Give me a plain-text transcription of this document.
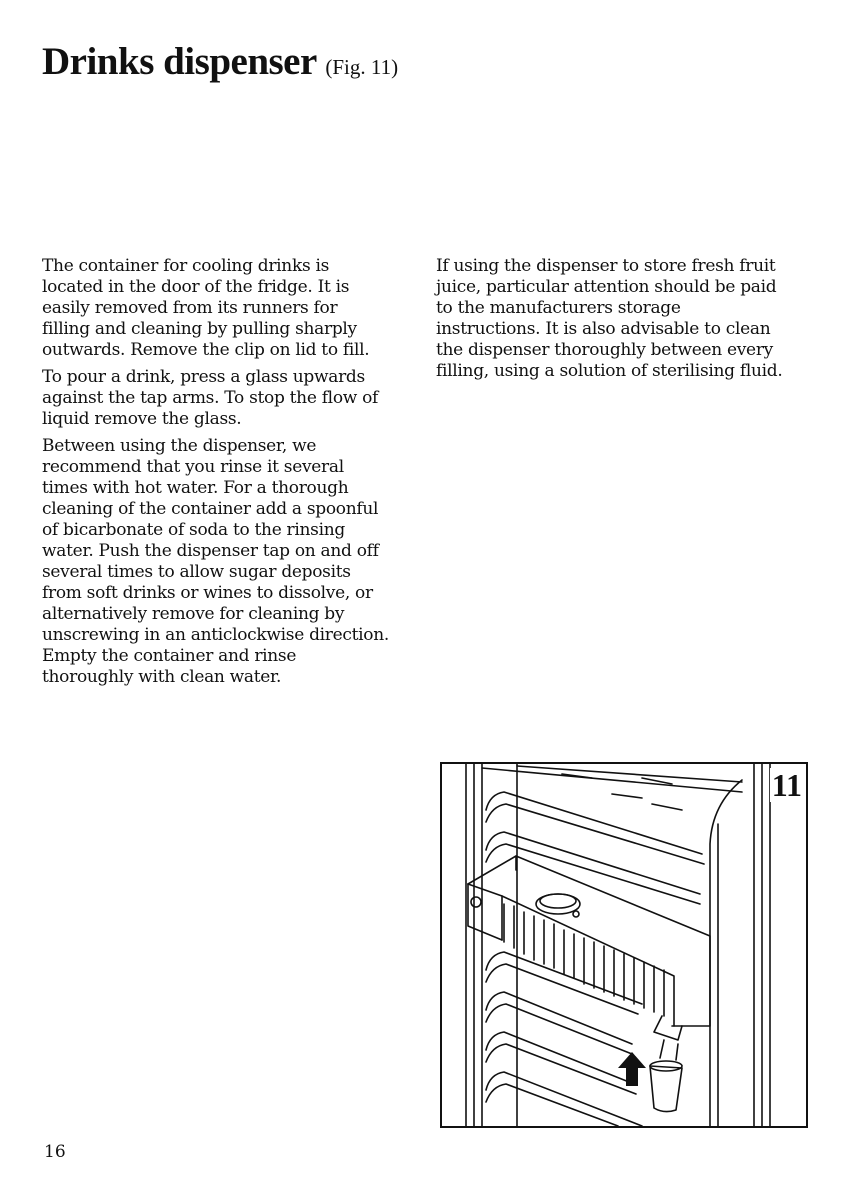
Drinks dispenser (Fig. 11)

The container for cooling drinks is
located in the door of the fridge. It is
easily removed from its runners for
filling and cleaning by pulling sharply
outwards. Remove the clip on lid to fill.

To pour a drink, press a glass upwards
against the tap arms. To stop the flow of
liquid remove the glass.

Between using the dispenser, we
recommend that you rinse it several
times with hot water. For a thorough
cleaning of the container add a spoonful
of bicarbonate of soda to the rinsing
water. Push the dispenser tap on and off
several times to allow sugar deposits
from soft drinks or wines to dissolve, or
alternatively remove for cleaning by
unscrewing in an anticlockwise direction.
Empty the container and rinse
thoroughly with clean water.

If using the dispenser to store fresh fruit
juice, particular attention should be paid
to the manufacturers storage
instructions. It is also advisable to clean
the dispenser thoroughly between every
filling, using a solution of sterilising fluid.

11
16
